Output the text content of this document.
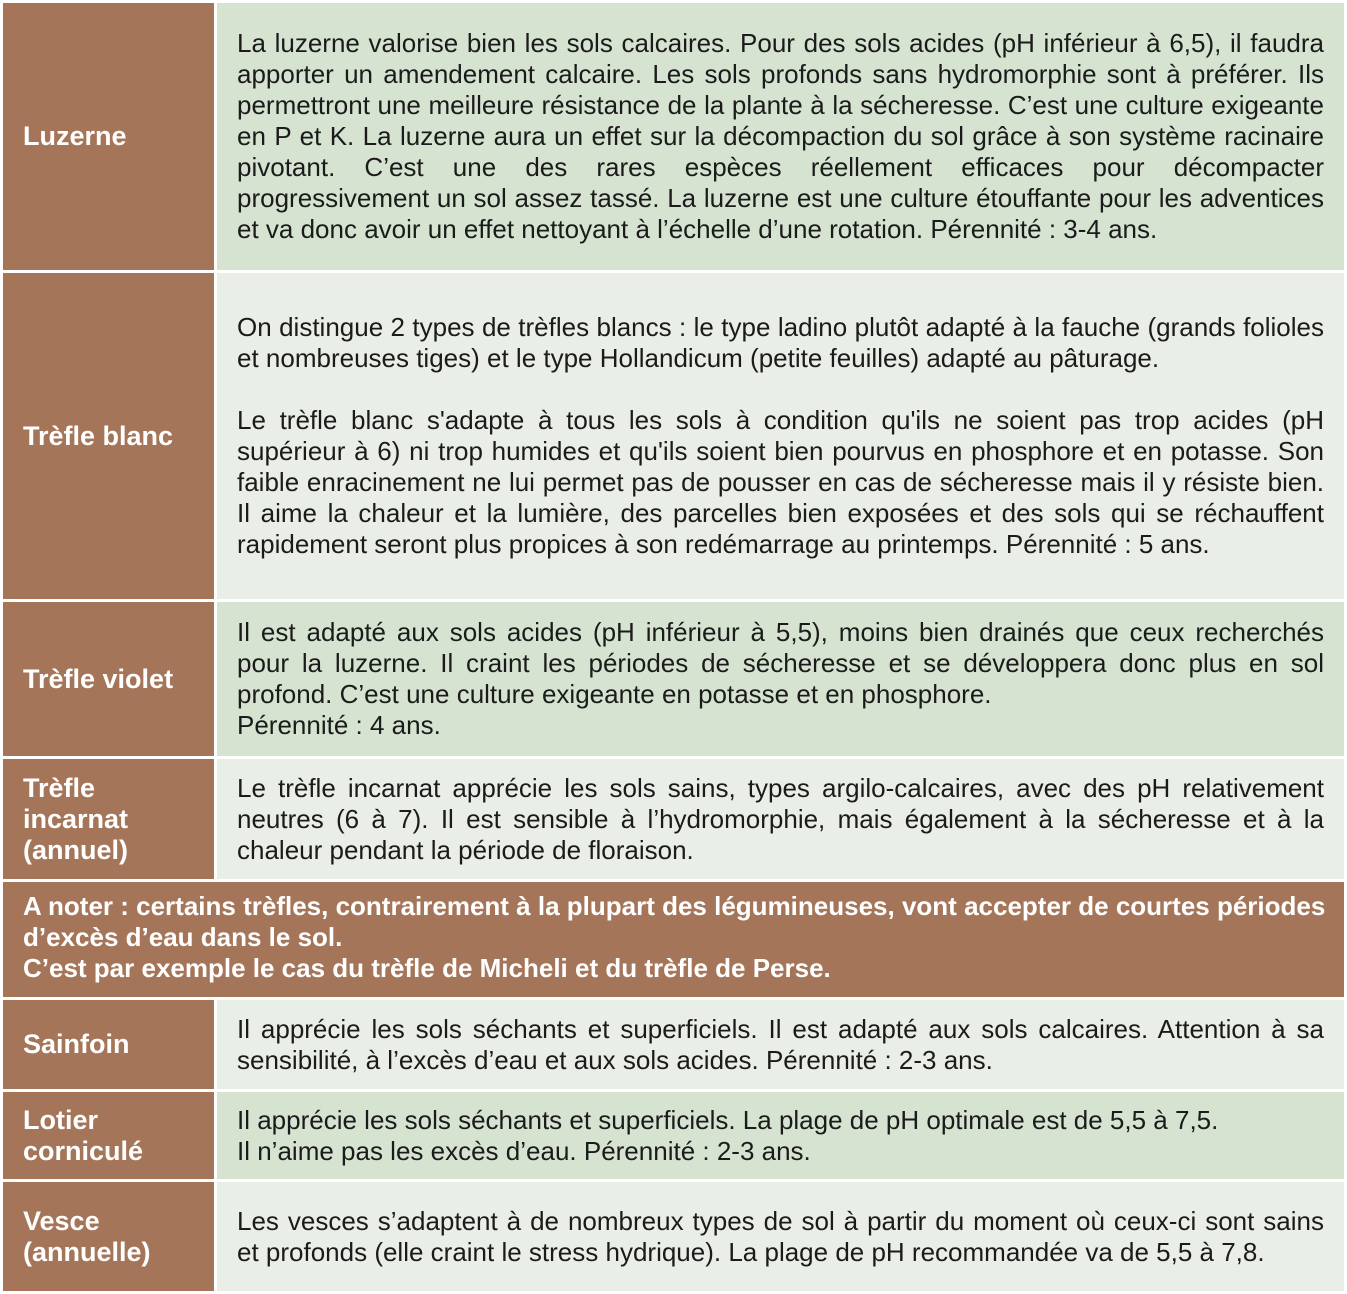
Luzerne	La luzerne valorise bien les sols calcaires. Pour des sols acides (pH inférieur à 6,5), il faudra apporter un amendement calcaire. Les sols profonds sans hydromorphie sont à préférer. Ils permettront une meilleure résistance de la plante à la sécheresse. C’est une culture exigeante en P et K. La luzerne aura un effet sur la décompaction du sol grâce à son système racinaire pivotant. C’est une des rares espèces réellement efficaces pour décompacter progressivement un sol assez tassé. La luzerne est une culture étouffante pour les adventices et va donc avoir un effet nettoyant à l’échelle d’une rotation. Pérennité : 3-4 ans.
Trèfle blanc	On distingue 2 types de trèfles blancs : le type ladino plutôt adapté à la fauche (grands folioles et nombreuses tiges) et le type Hollandicum (petite feuilles) adapté au pâturage.
Le trèfle blanc s'adapte à tous les sols à condition qu'ils ne soient pas trop acides (pH supérieur à 6) ni trop humides et qu'ils soient bien pourvus en phosphore et en potasse. Son faible enracinement ne lui permet pas de pousser en cas de sécheresse mais il y résiste bien. Il aime la chaleur et la lumière, des parcelles bien exposées et des sols qui se réchauffent rapidement seront plus propices à son redémarrage au printemps. Pérennité : 5 ans.

Trèfle violet	Il est adapté aux sols acides (pH inférieur à 5,5), moins bien drainés que ceux recherchés pour la luzerne. Il craint les périodes de sécheresse et se développera donc plus en sol profond. C’est une culture exigeante en potasse et en phosphore.
Pérennité : 4 ans.
Trèfle incarnat (annuel)	Le trèfle incarnat apprécie les sols sains, types argilo-calcaires, avec des pH relativement neutres (6 à 7). Il est sensible à l’hydromorphie, mais également à la sécheresse et à la chaleur pendant la période de floraison.

A noter : certains trèfles, contrairement à la plupart des légumineuses, vont accepter de courtes périodes d’excès d’eau dans le sol.
C’est par exemple le cas du trèfle de Micheli et du trèfle de Perse.	

Sainfoin	Il apprécie les sols séchants et superficiels. Il est adapté aux sols calcaires. Attention à sa sensibilité, à l’excès d’eau et aux sols acides. Pérennité : 2-3 ans.
Lotier corniculé	Il apprécie les sols séchants et superficiels. La plage de pH optimale est de 5,5 à 7,5.
Il n’aime pas les excès d’eau. Pérennité : 2-3 ans.
Vesce (annuelle)	Les vesces s’adaptent à de nombreux types de sol à partir du moment où ceux-ci sont sains et profonds (elle craint le stress hydrique). La plage de pH recommandée va de 5,5 à 7,8.
